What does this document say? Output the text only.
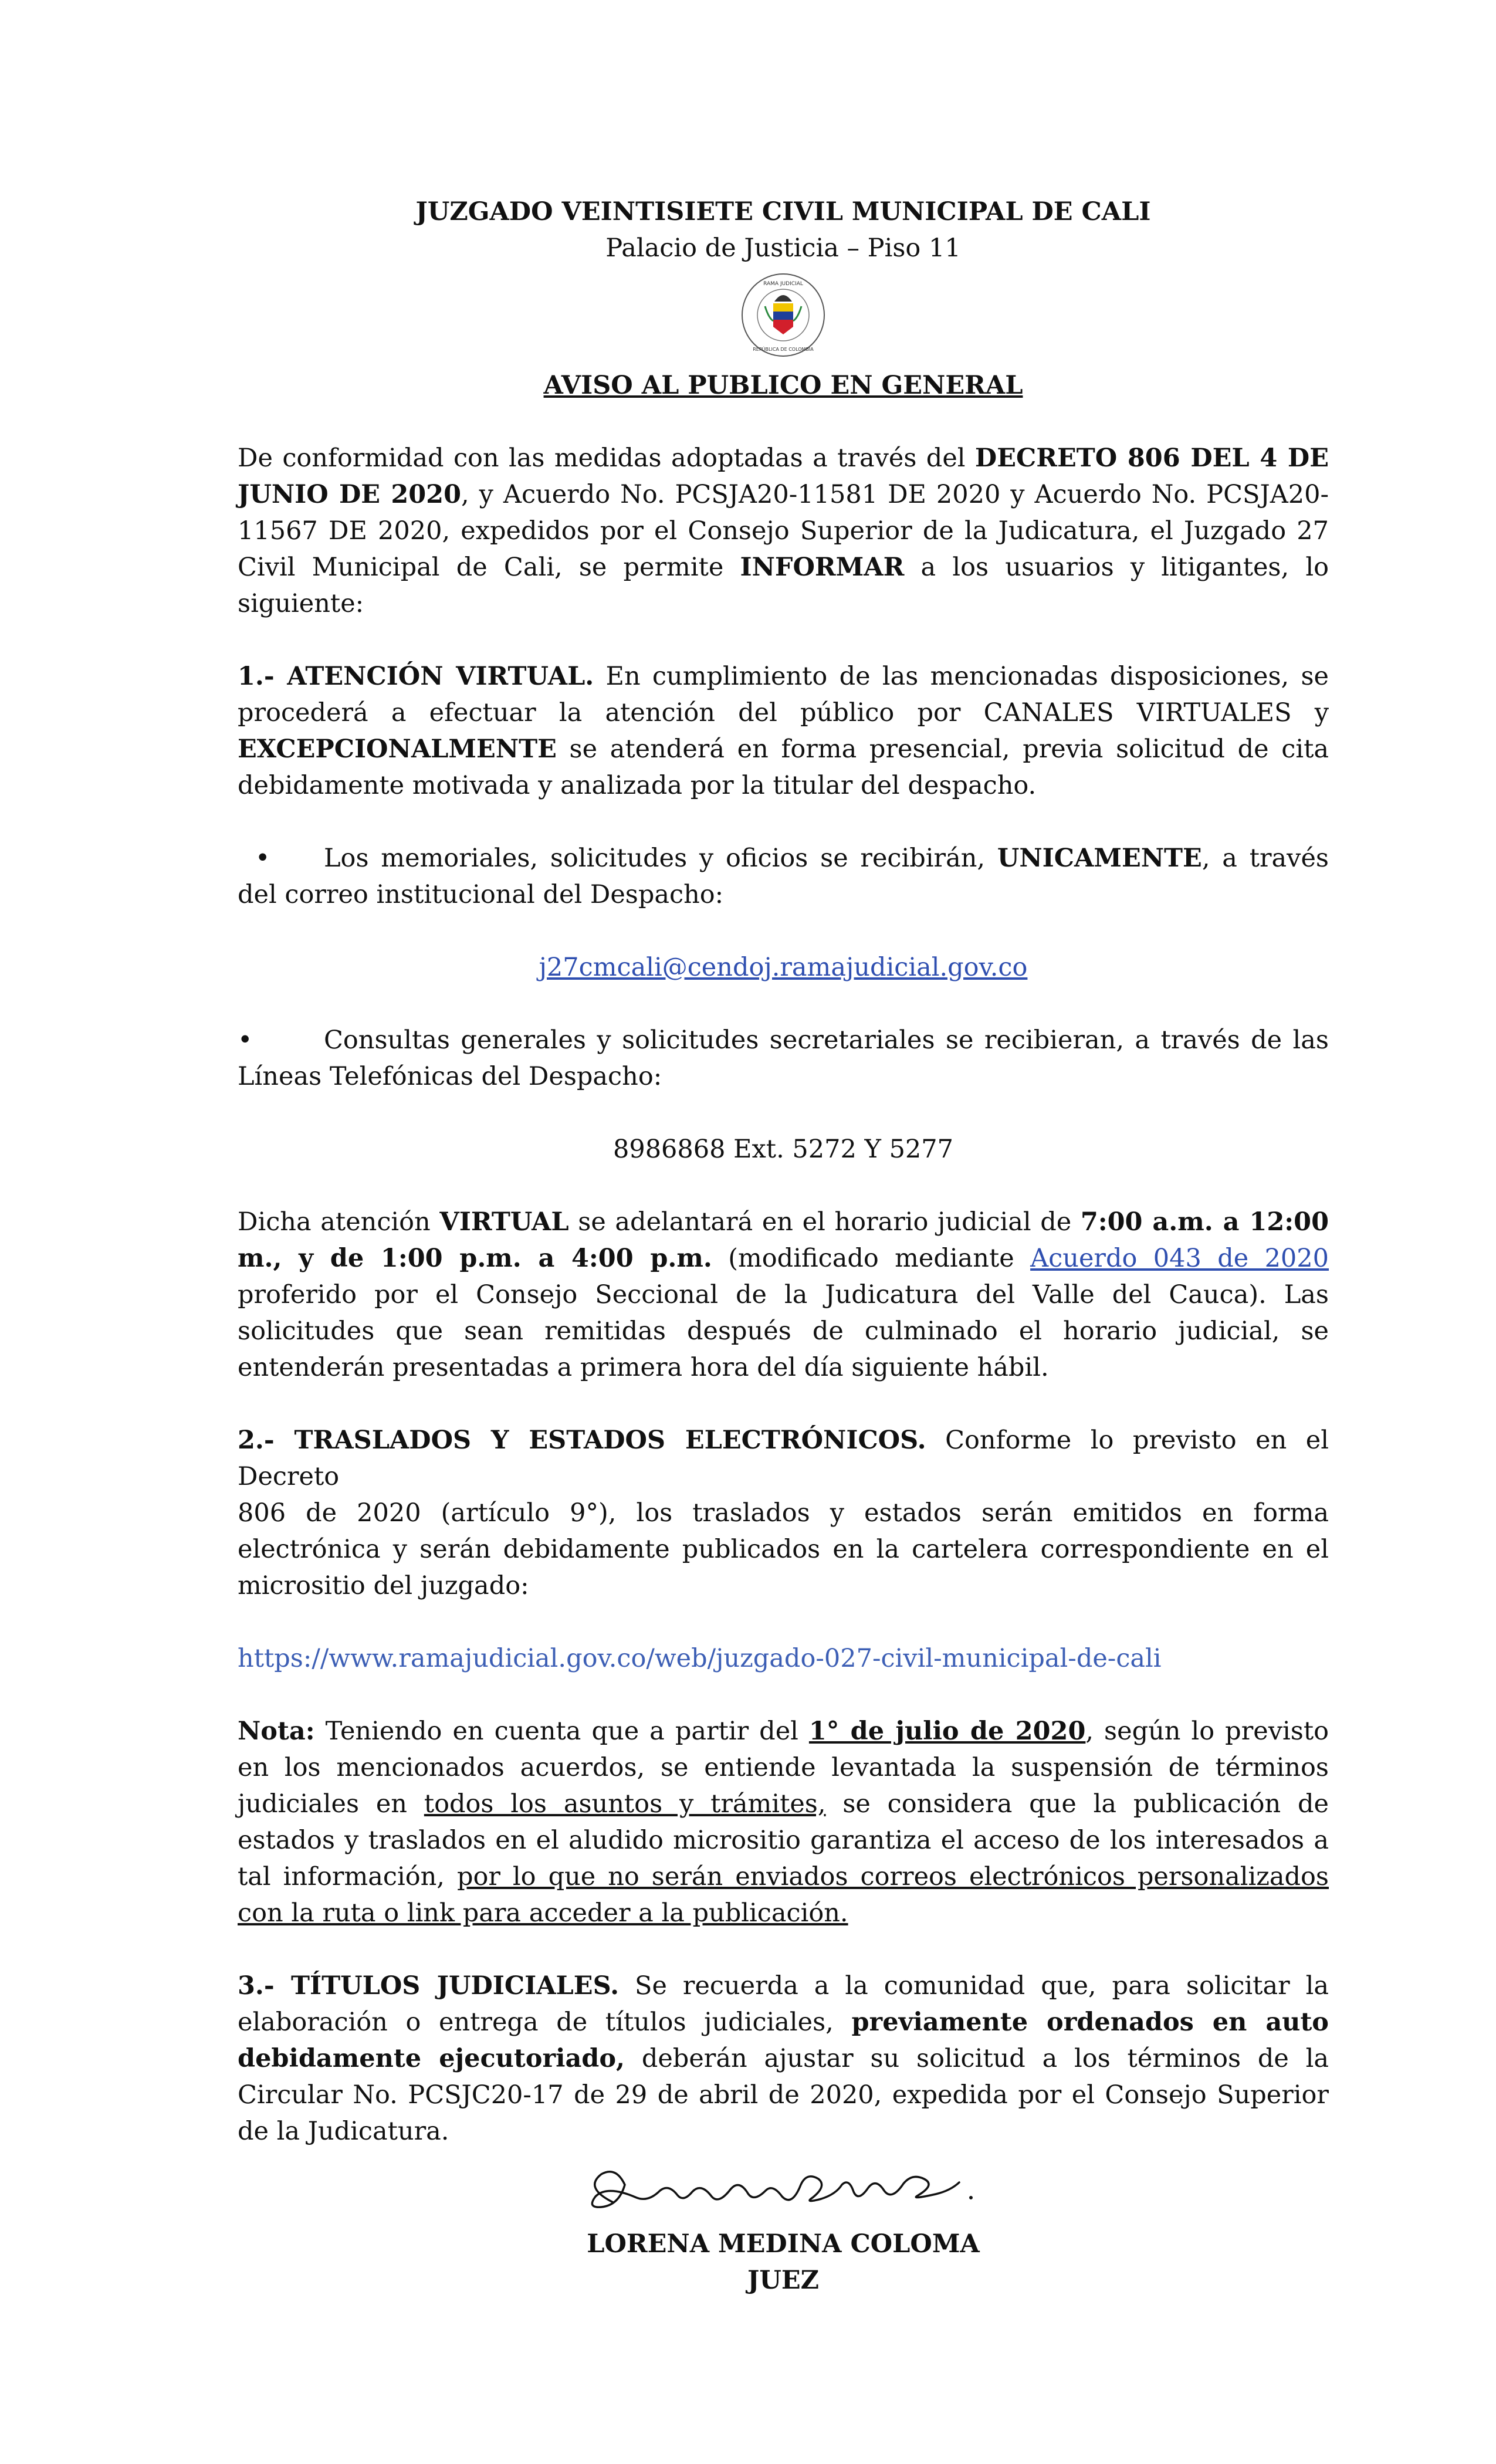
JUZGADO VEINTISIETE CIVIL MUNICIPAL DE CALI
Palacio de Justicia – Piso 11
RAMA JUDICIAL
REPÚBLICA DE COLOMBIA
AVISO AL PUBLICO EN GENERAL
De conformidad con las medidas adoptadas a través del DECRETO 806 DEL 4 DE
JUNIO DE 2020, y Acuerdo No. PCSJA20-11581 DE 2020 y Acuerdo No. PCSJA20-
11567 DE 2020, expedidos por el Consejo Superior de la Judicatura, el Juzgado 27
Civil Municipal de Cali, se permite INFORMAR a los usuarios y litigantes, lo
siguiente:
1.- ATENCIÓN VIRTUAL. En cumplimiento de las mencionadas disposiciones, se
procederá a efectuar la atención del público por CANALES VIRTUALES y
EXCEPCIONALMENTE se atenderá en forma presencial, previa solicitud de cita
debidamente motivada y analizada por la titular del despacho.
• Los memoriales, solicitudes y oficios se recibirán, UNICAMENTE, a través
del correo institucional del Despacho:
j27cmcali@cendoj.ramajudicial.gov.co
•	Consultas generales y solicitudes secretariales se recibieran, a través de las
Líneas Telefónicas del Despacho:
8986868 Ext. 5272 Y 5277
Dicha atención VIRTUAL se adelantará en el horario judicial de 7:00 a.m. a 12:00
m., y de 1:00 p.m. a 4:00 p.m. (modificado mediante Acuerdo 043 de 2020
proferido por el Consejo Seccional de la Judicatura del Valle del Cauca). Las
solicitudes que sean remitidas después de culminado el horario judicial, se
entenderán presentadas a primera hora del día siguiente hábil.
2.- TRASLADOS Y ESTADOS ELECTRÓNICOS. Conforme lo previsto en el Decreto
806 de 2020 (artículo 9°), los traslados y estados serán emitidos en forma
electrónica y serán debidamente publicados en la cartelera correspondiente en el
micrositio del juzgado:
https://www.ramajudicial.gov.co/web/juzgado-027-civil-municipal-de-cali
Nota: Teniendo en cuenta que a partir del 1° de julio de 2020, según lo previsto
en los mencionados acuerdos, se entiende levantada la suspensión de términos
judiciales en todos los asuntos y trámites, se considera que la publicación de
estados y traslados en el aludido micrositio garantiza el acceso de los interesados a
tal información, por lo que no serán enviados correos electrónicos personalizados
con la ruta o link para acceder a la publicación.
3.- TÍTULOS JUDICIALES. Se recuerda a la comunidad que, para solicitar la
elaboración o entrega de títulos judiciales, previamente ordenados en auto
debidamente ejecutoriado, deberán ajustar su solicitud a los términos de la
Circular No. PCSJC20-17 de 29 de abril de 2020, expedida por el Consejo Superior
de la Judicatura.
LORENA MEDINA COLOMA
JUEZ
